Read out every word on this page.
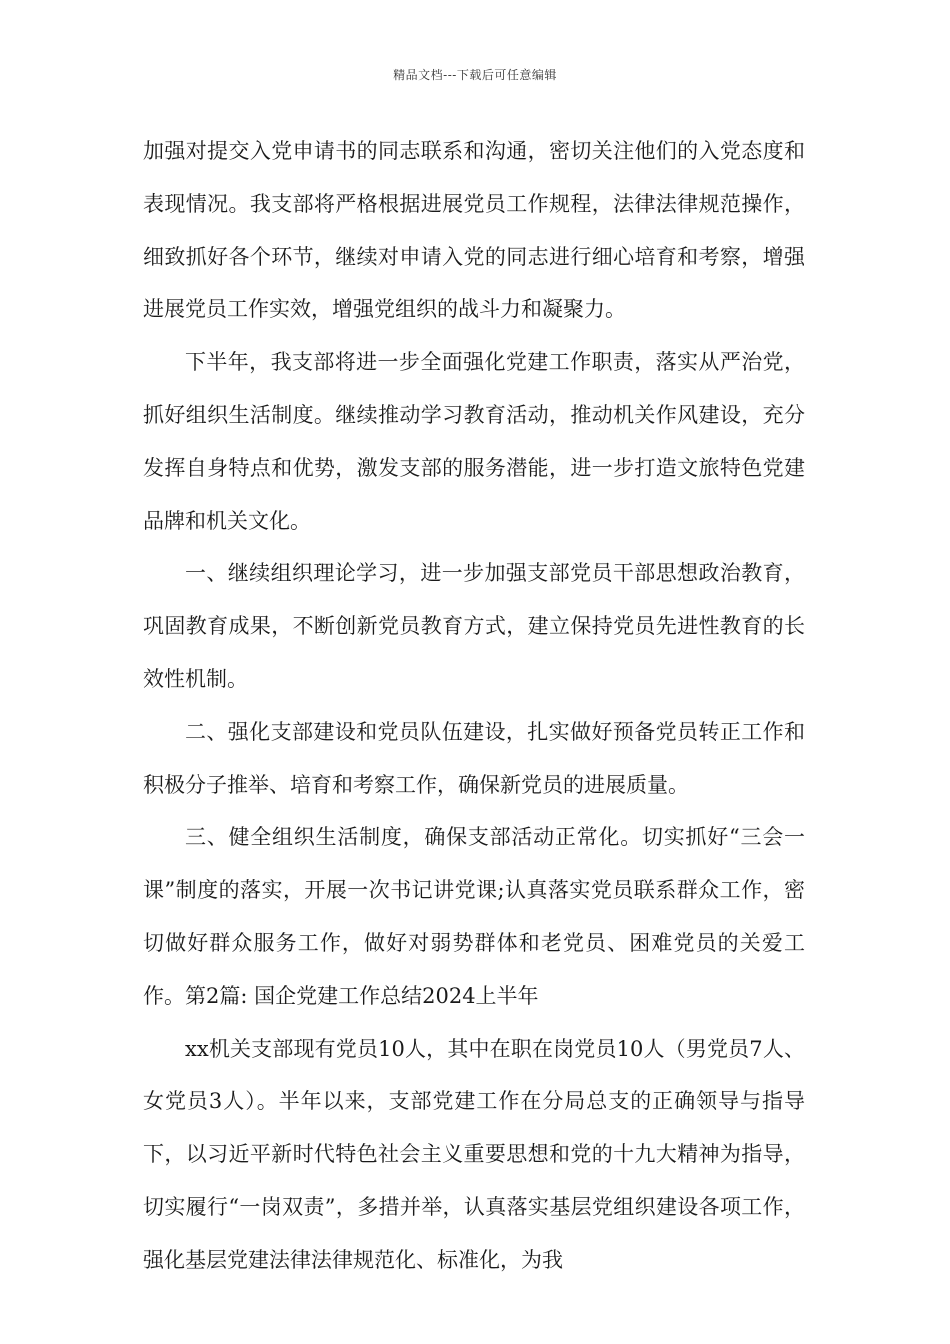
精品文档---下载后可任意编辑

加强对提交入党申请书的同志联系和沟通，密切关注他们的入党态度和表现情况。我支部将严格根据进展党员工作规程，法律法律规范操作，细致抓好各个环节，继续对申请入党的同志进行细心培育和考察，增强进展党员工作实效，增强党组织的战斗力和凝聚力。

下半年，我支部将进一步全面强化党建工作职责，落实从严治党，抓好组织生活制度。继续推动学习教育活动，推动机关作风建设，充分发挥自身特点和优势，激发支部的服务潜能，进一步打造文旅特色党建品牌和机关文化。

一、继续组织理论学习，进一步加强支部党员干部思想政治教育，巩固教育成果，不断创新党员教育方式，建立保持党员先进性教育的长效性机制。

二、强化支部建设和党员队伍建设，扎实做好预备党员转正工作和积极分子推举、培育和考察工作，确保新党员的进展质量。

三、健全组织生活制度，确保支部活动正常化。切实抓好“三会一课”制度的落实，开展一次书记讲党课;认真落实党员联系群众工作，密切做好群众服务工作，做好对弱势群体和老党员、困难党员的关爱工作。第2篇: 国企党建工作总结2024上半年

xx机关支部现有党员10人，其中在职在岗党员10人（男党员7人、女党员3人）。半年以来，支部党建工作在分局总支的正确领导与指导下，以习近平新时代特色社会主义重要思想和党的十九大精神为指导，切实履行“一岗双责”，多措并举，认真落实基层党组织建设各项工作，强化基层党建法律法律规范化、标准化，为我
